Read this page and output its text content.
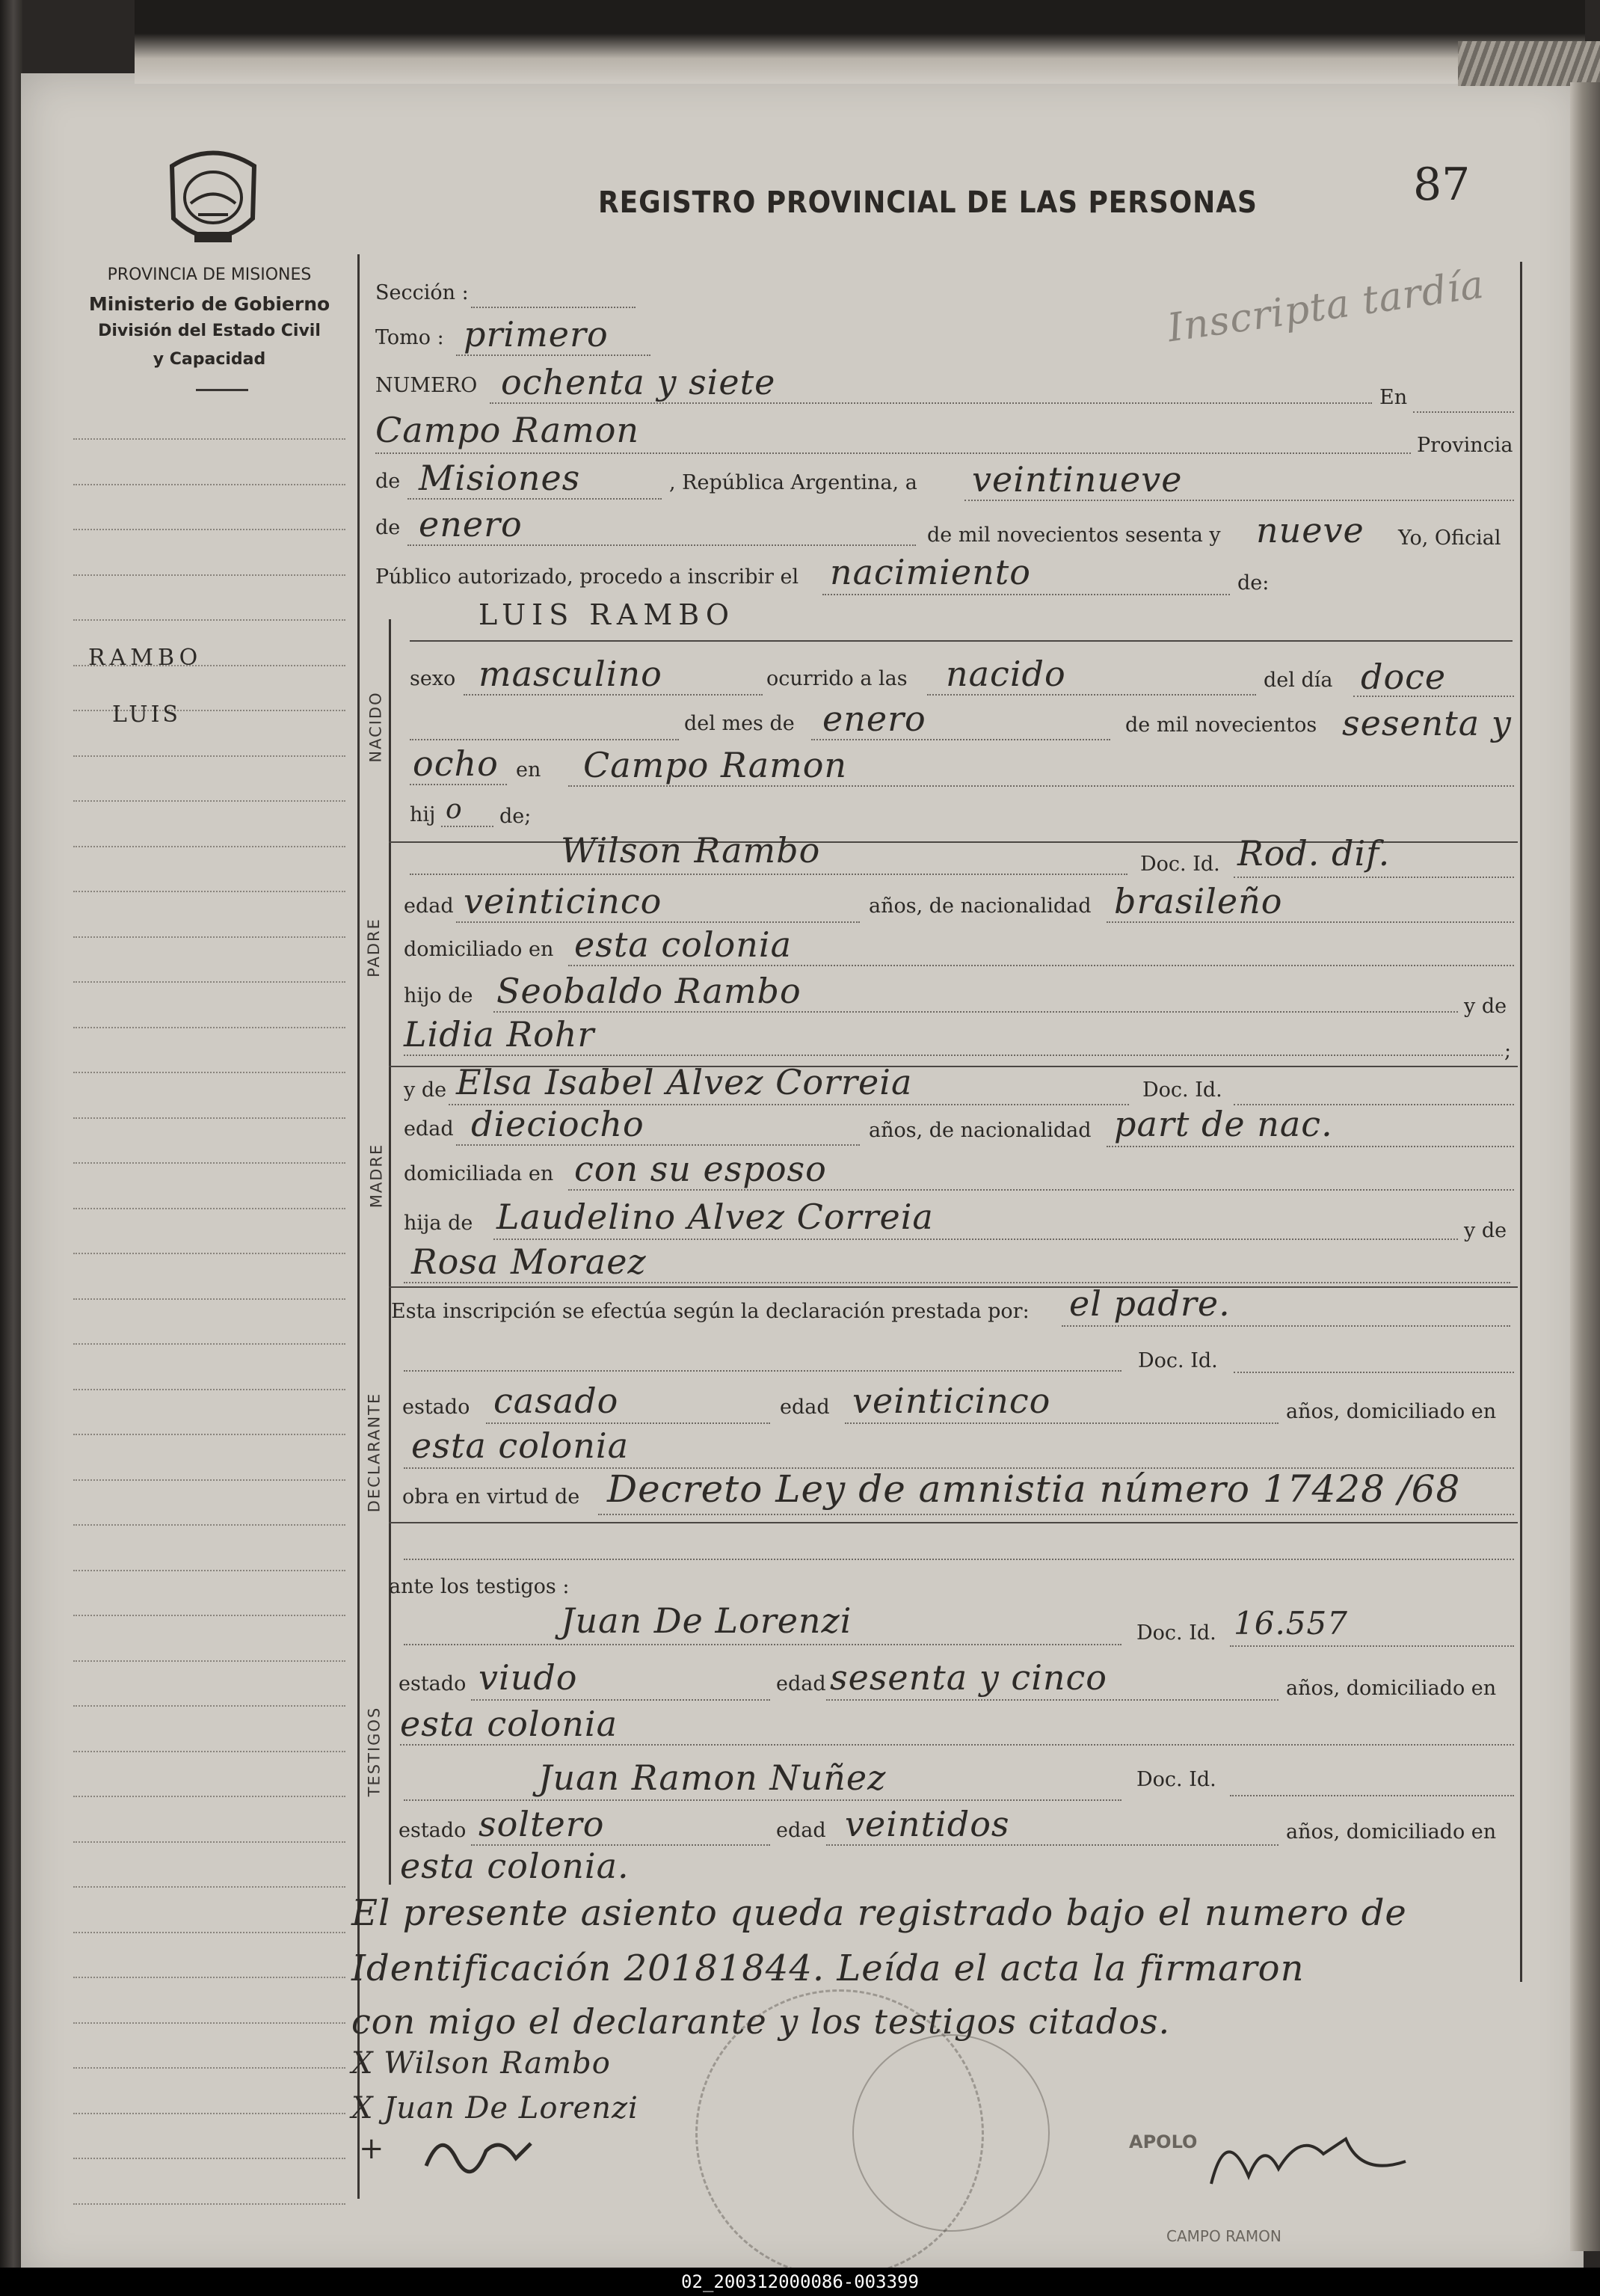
PROVINCIA DE MISIONES
Ministerio de Gobierno
División del Estado Civil
y Capacidad
REGISTRO PROVINCIAL DE LAS PERSONAS	87
Inscripta tardía
RAMBO
LUIS	NACIDO
PADRE
MADRE
DECLARANTE
TESTIGOS
Sección :
Tomo : primero
NUMERO ochenta y siete	En
Campo Ramon	Provincia
de Misiones	, República Argentina, a veintinueve
de enero	de mil novecientos sesenta y nueve Yo, Oficial
Público autorizado, procedo a inscribir el nacimiento	de:
LUIS RAMBO
sexo masculino	ocurrido a las nacido	del día doce
del mes de enero	de mil novecientos sesenta y
ocho en Campo Ramon
hij o de;
Wilson Rambo	Doc. Id. Rod. dif.
edad veinticinco	años, de nacionalidad brasileño
domiciliado en esta colonia
hijo de Seobaldo Rambo	y de
Lidia Rohr	;
y de Elsa Isabel Alvez Correia	Doc. Id.
edad dieciocho	años, de nacionalidad part de nac.
domiciliada en con su esposo
hija de Laudelino Alvez Correia	y de
Rosa Moraez
Esta inscripción se efectúa según la declaración prestada por: el padre.
Doc. Id.
estado casado	edad veinticinco	años, domiciliado en
esta colonia
obra en virtud de Decreto Ley de amnistia número 17428 /68
ante los testigos :
Juan De Lorenzi	Doc. Id. 16.557
estado viudo	edad sesenta y cinco	años, domiciliado en
esta colonia
Juan Ramon Nuñez	Doc. Id.
estado soltero	edad veintidos	años, domiciliado en
esta colonia.
El presente asiento queda registrado bajo el numero de
Identificación 20181844. Leída el acta la firmaron
con migo el declarante y los testigos citados.
X Wilson Rambo
X Juan De Lorenzi
+	APOLO
CAMPO RAMON
02_200312000086-003399
